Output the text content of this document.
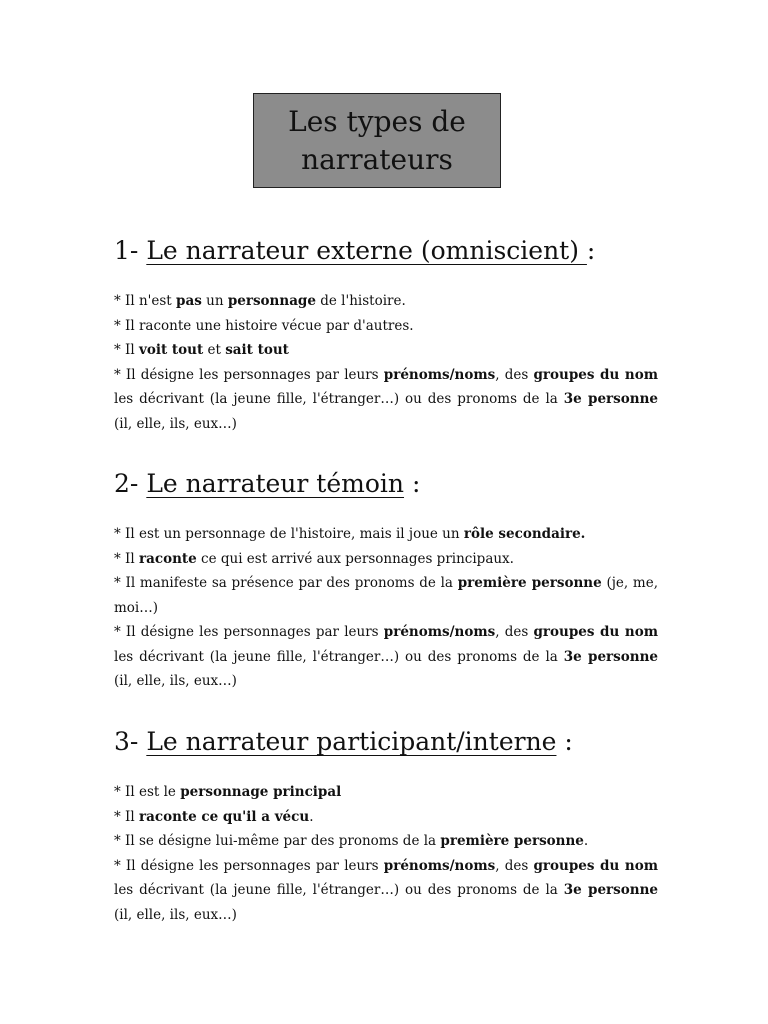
Les types de
narrateurs
1- Le narrateur externe (omniscient) :
* Il n'est pas un personnage de l'histoire.
* Il raconte une histoire vécue par d'autres.
* Il voit tout et sait tout
* Il désigne les personnages par leurs prénoms/noms, des groupes du nom les décrivant (la jeune fille, l'étranger…) ou des pronoms de la 3e personne (il, elle, ils, eux…)
2- Le narrateur témoin :
* Il est un personnage de l'histoire, mais il joue un rôle secondaire.
* Il raconte ce qui est arrivé aux personnages principaux.
* Il manifeste sa présence par des pronoms de la première personne (je, me, moi…)
* Il désigne les personnages par leurs prénoms/noms, des groupes du nom les décrivant (la jeune fille, l'étranger…) ou des pronoms de la 3e personne (il, elle, ils, eux…)
3- Le narrateur participant/interne :
* Il est le personnage principal
* Il raconte ce qu'il a vécu.
* Il se désigne lui-même par des pronoms de la première personne.
* Il désigne les personnages par leurs prénoms/noms, des groupes du nom les décrivant (la jeune fille, l'étranger…) ou des pronoms de la 3e personne (il, elle, ils, eux…)
